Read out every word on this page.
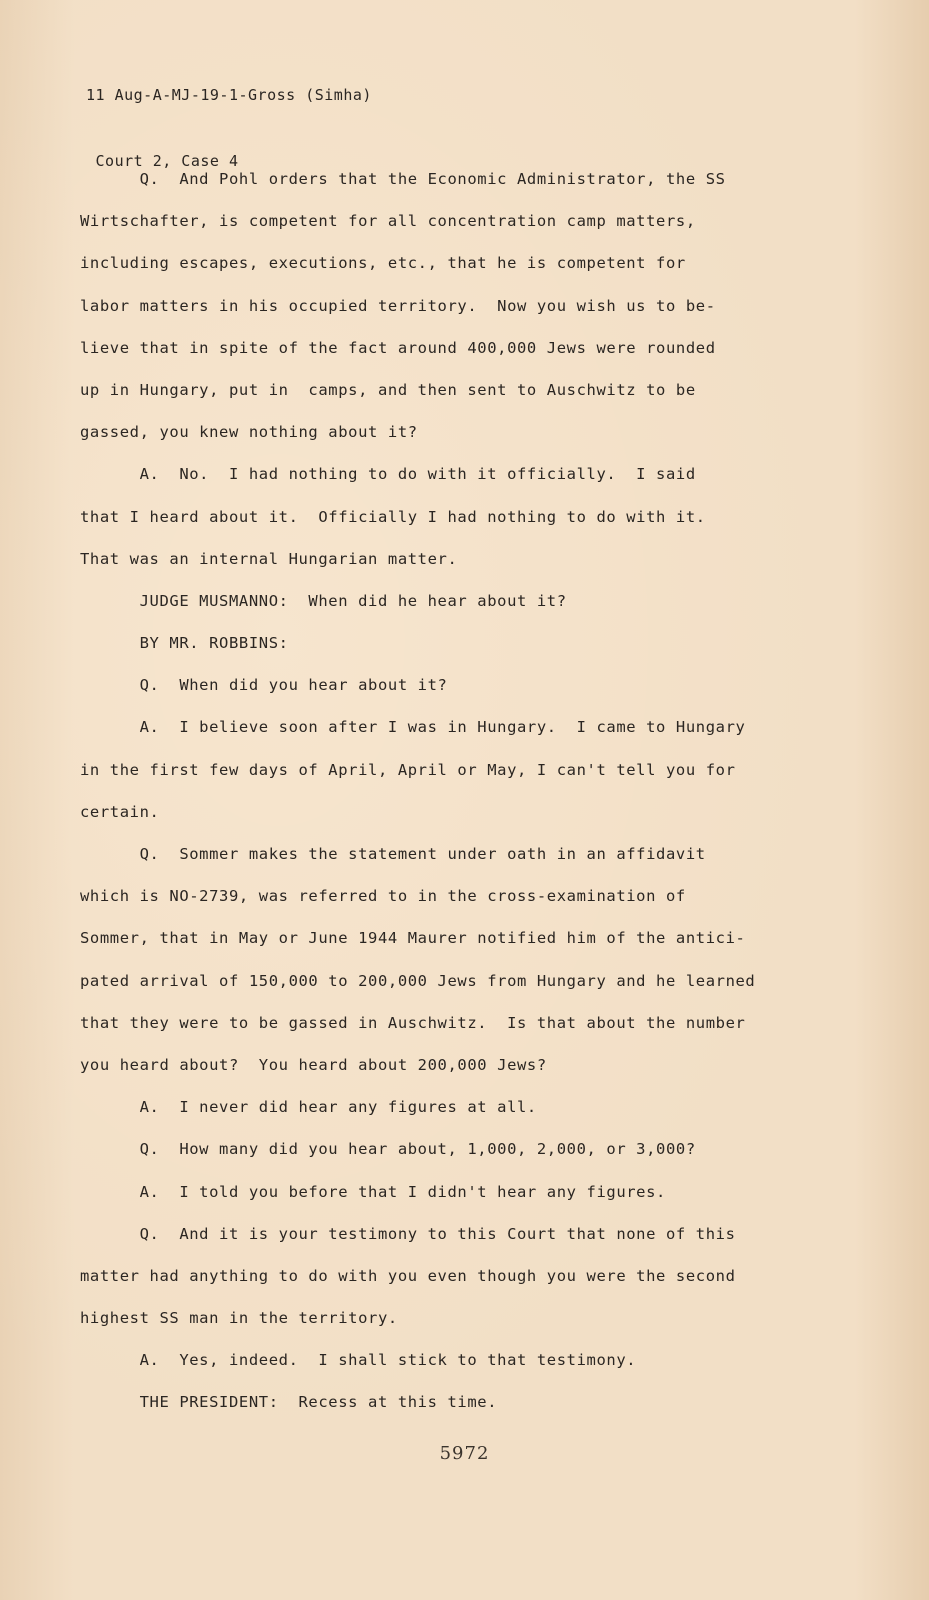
11 Aug-A-MJ-19-1-Gross (Simha)

Court 2, Case 4

Q.  And Pohl orders that the Economic Administrator, the SS
Wirtschafter, is competent for all concentration camp matters,
including escapes, executions, etc., that he is competent for
labor matters in his occupied territory.  Now you wish us to be-
lieve that in spite of the fact around 400,000 Jews were rounded
up in Hungary, put in  camps, and then sent to Auschwitz to be
gassed, you knew nothing about it?
A.  No.  I had nothing to do with it officially.  I said
that I heard about it.  Officially I had nothing to do with it.
That was an internal Hungarian matter.
JUDGE MUSMANNO:  When did he hear about it?
BY MR. ROBBINS:
Q.  When did you hear about it?
A.  I believe soon after I was in Hungary.  I came to Hungary
in the first few days of April, April or May, I can't tell you for
certain.
Q.  Sommer makes the statement under oath in an affidavit
which is NO-2739, was referred to in the cross-examination of
Sommer, that in May or June 1944 Maurer notified him of the antici-
pated arrival of 150,000 to 200,000 Jews from Hungary and he learned
that they were to be gassed in Auschwitz.  Is that about the number
you heard about?  You heard about 200,000 Jews?
A.  I never did hear any figures at all.
Q.  How many did you hear about, 1,000, 2,000, or 3,000?
A.  I told you before that I didn't hear any figures.
Q.  And it is your testimony to this Court that none of this
matter had anything to do with you even though you were the second
highest SS man in the territory.
A.  Yes, indeed.  I shall stick to that testimony.
THE PRESIDENT:  Recess at this time.
5972
